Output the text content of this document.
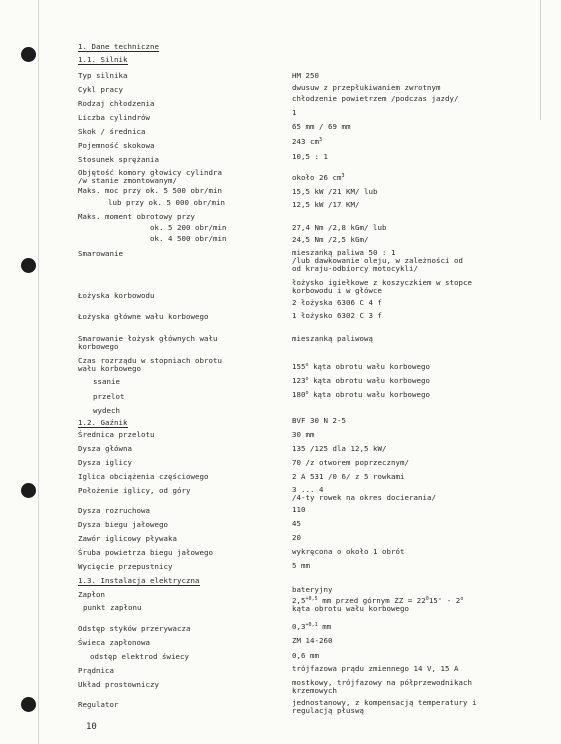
1. Dane techniczne
1.1. Silnik
Typ silnika
Cykl pracy
Rodzaj chłodzenia
Liczba cylindrów
Skok / średnica
Pojemność skokowa
Stosunek sprężania
Objętość komory głowicy cylindra
/w stanie zmontowanym/
Maks. moc przy ok. 5 500 obr/min
lub przy ok. 5 000 obr/min
Maks. moment obrotowy przy
ok. 5 200 obr/min
ok. 4 500 obr/min
Smarowanie
Łożyska korbowodu
Łożyska główne wału korbowego
Smarowanie łożysk głównych wału
korbowego
Czas rozrządu w stopniach obrotu
wału korbowego
ssanie
przelot
wydech
HM 250
dwusuw z przepłukiwaniem zwrotnym
chłodzenie powietrzem /podczas jazdy/
1
65 mm / 69 mm
243 $cm^3$
10,5 : 1
około 26 $cm^3$
15,5 kW /21 KM/ lub
12,5 kW /17 KM/
27,4 Nm /2,8 kGm/ lub
24,5 Nm /2,5 kGm/
mieszanką paliwa 50 : 1
/lub dawkowanie oleju, w zależności od
od kraju-odbiorcy motocykli/
łożysko igiełkowe z koszyczkiem w stopce
korbowodu i w główce
2 łożyska 6306 C 4 f
1 łożysko 6302 C 3 f
mieszanką paliwową
155$^o$ kąta obrotu wału korbowego
123$^o$ kąta obrotu wału korbowego
180$^o$ kąta obrotu wału korbowego
1.2. Gaźnik
Średnica przelotu
Dysza główna
Dysza iglicy
Iglica obciążenia częściowego
Położenie iglicy, od góry
Dysza rozruchowa
Dysza biegu jałowego
Zawór iglicowy pływaka
Śruba powietrza biegu jałowego
Wycięcie przepustnicy
BVF 30 N 2-5
30 mm
135 /125 dla 12,5 kW/
70 /z otworem poprzecznym/
2 A 531 /0 6/ z 5 rowkami
3 ... 4
/4-ty rowek na okres docierania/
110
45
20
wykręcona o około 1 obrót
5 mm
1.3. Instalacja elektryczna
Zapłon
punkt zapłonu
Odstęp styków przerywacza
Świeca zapłonowa
odstęp elektrod świecy
Prądnica
Układ prostowniczy
Regulator
bateryjny
$2,5^{+0,5}$ mm przed górnym ZZ = $22^015' - 2^o$
kąta obrotu wału korbowego
$0,3^{+0,1}$ mm
ZM 14-260
0,6 mm
trójfazowa prądu zmiennego 14 V, 15 A
mostkowy, trójfazowy na półprzewodnikach
krzemowych
jednostanowy, z kompensacją temperatury i
regulacją płuswą
10
